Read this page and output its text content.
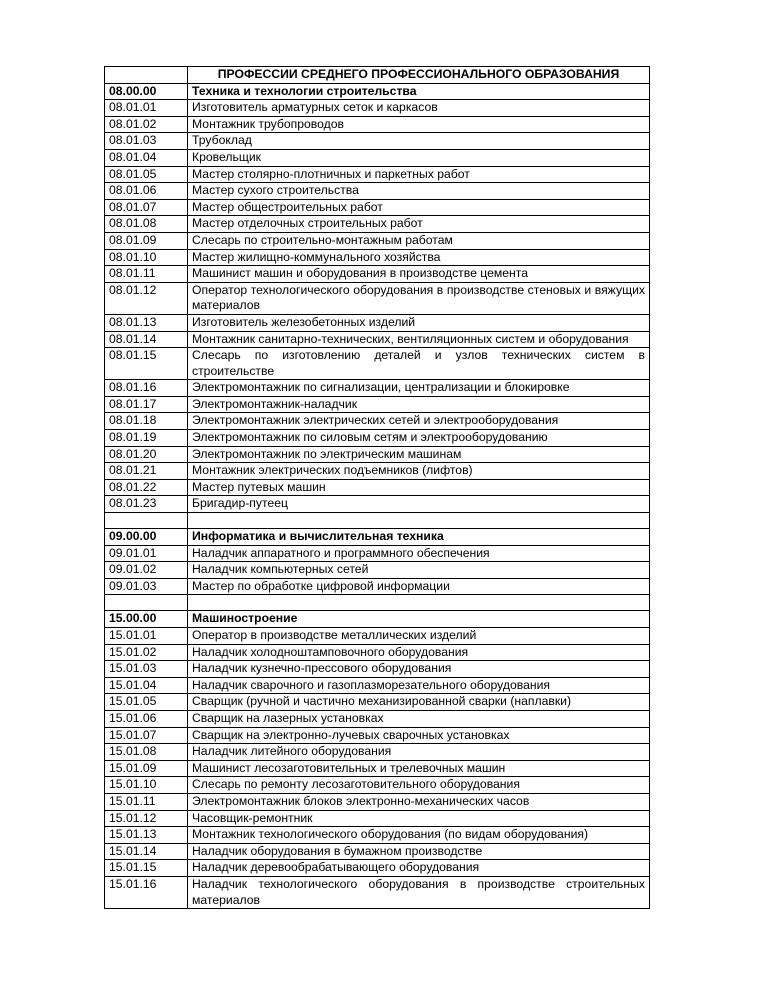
	ПРОФЕССИИ СРЕДНЕГО ПРОФЕССИОНАЛЬНОГО ОБРАЗОВАНИЯ
08.00.00	Техника и технологии строительства
08.01.01	Изготовитель арматурных сеток и каркасов
08.01.02	Монтажник трубопроводов
08.01.03	Трубоклад
08.01.04	Кровельщик
08.01.05	Мастер столярно-плотничных и паркетных работ
08.01.06	Мастер сухого строительства
08.01.07	Мастер общестроительных работ
08.01.08	Мастер отделочных строительных работ
08.01.09	Слесарь по строительно-монтажным работам
08.01.10	Мастер жилищно-коммунального хозяйства
08.01.11	Машинист машин и оборудования в производстве цемента
08.01.12	Оператор технологического оборудования в производстве стеновых и вяжущих материалов
08.01.13	Изготовитель железобетонных изделий
08.01.14	Монтажник санитарно-технических, вентиляционных систем и оборудования
08.01.15	Слесарь по изготовлению деталей и узлов технических систем в строительстве
08.01.16	Электромонтажник по сигнализации, централизации и блокировке
08.01.17	Электромонтажник-наладчик
08.01.18	Электромонтажник электрических сетей и электрооборудования
08.01.19	Электромонтажник по силовым сетям и электрооборудованию
08.01.20	Электромонтажник по электрическим машинам
08.01.21	Монтажник электрических подъемников (лифтов)
08.01.22	Мастер путевых машин
08.01.23	Бригадир-путеец

09.00.00	Информатика и вычислительная техника
09.01.01	Наладчик аппаратного и программного обеспечения
09.01.02	Наладчик компьютерных сетей
09.01.03	Мастер по обработке цифровой информации

15.00.00	Машиностроение
15.01.01	Оператор в производстве металлических изделий
15.01.02	Наладчик холодноштамповочного оборудования
15.01.03	Наладчик кузнечно-прессового оборудования
15.01.04	Наладчик сварочного и газоплазморезательного оборудования
15.01.05	Сварщик (ручной и частично механизированной сварки (наплавки)
15.01.06	Сварщик на лазерных установках
15.01.07	Сварщик на электронно-лучевых сварочных установках
15.01.08	Наладчик литейного оборудования
15.01.09	Машинист лесозаготовительных и трелевочных машин
15.01.10	Слесарь по ремонту лесозаготовительного оборудования
15.01.11	Электромонтажник блоков электронно-механических часов
15.01.12	Часовщик-ремонтник
15.01.13	Монтажник технологического оборудования (по видам оборудования)
15.01.14	Наладчик оборудования в бумажном производстве
15.01.15	Наладчик деревообрабатывающего оборудования
15.01.16	Наладчик технологического оборудования в производстве строительных материалов
